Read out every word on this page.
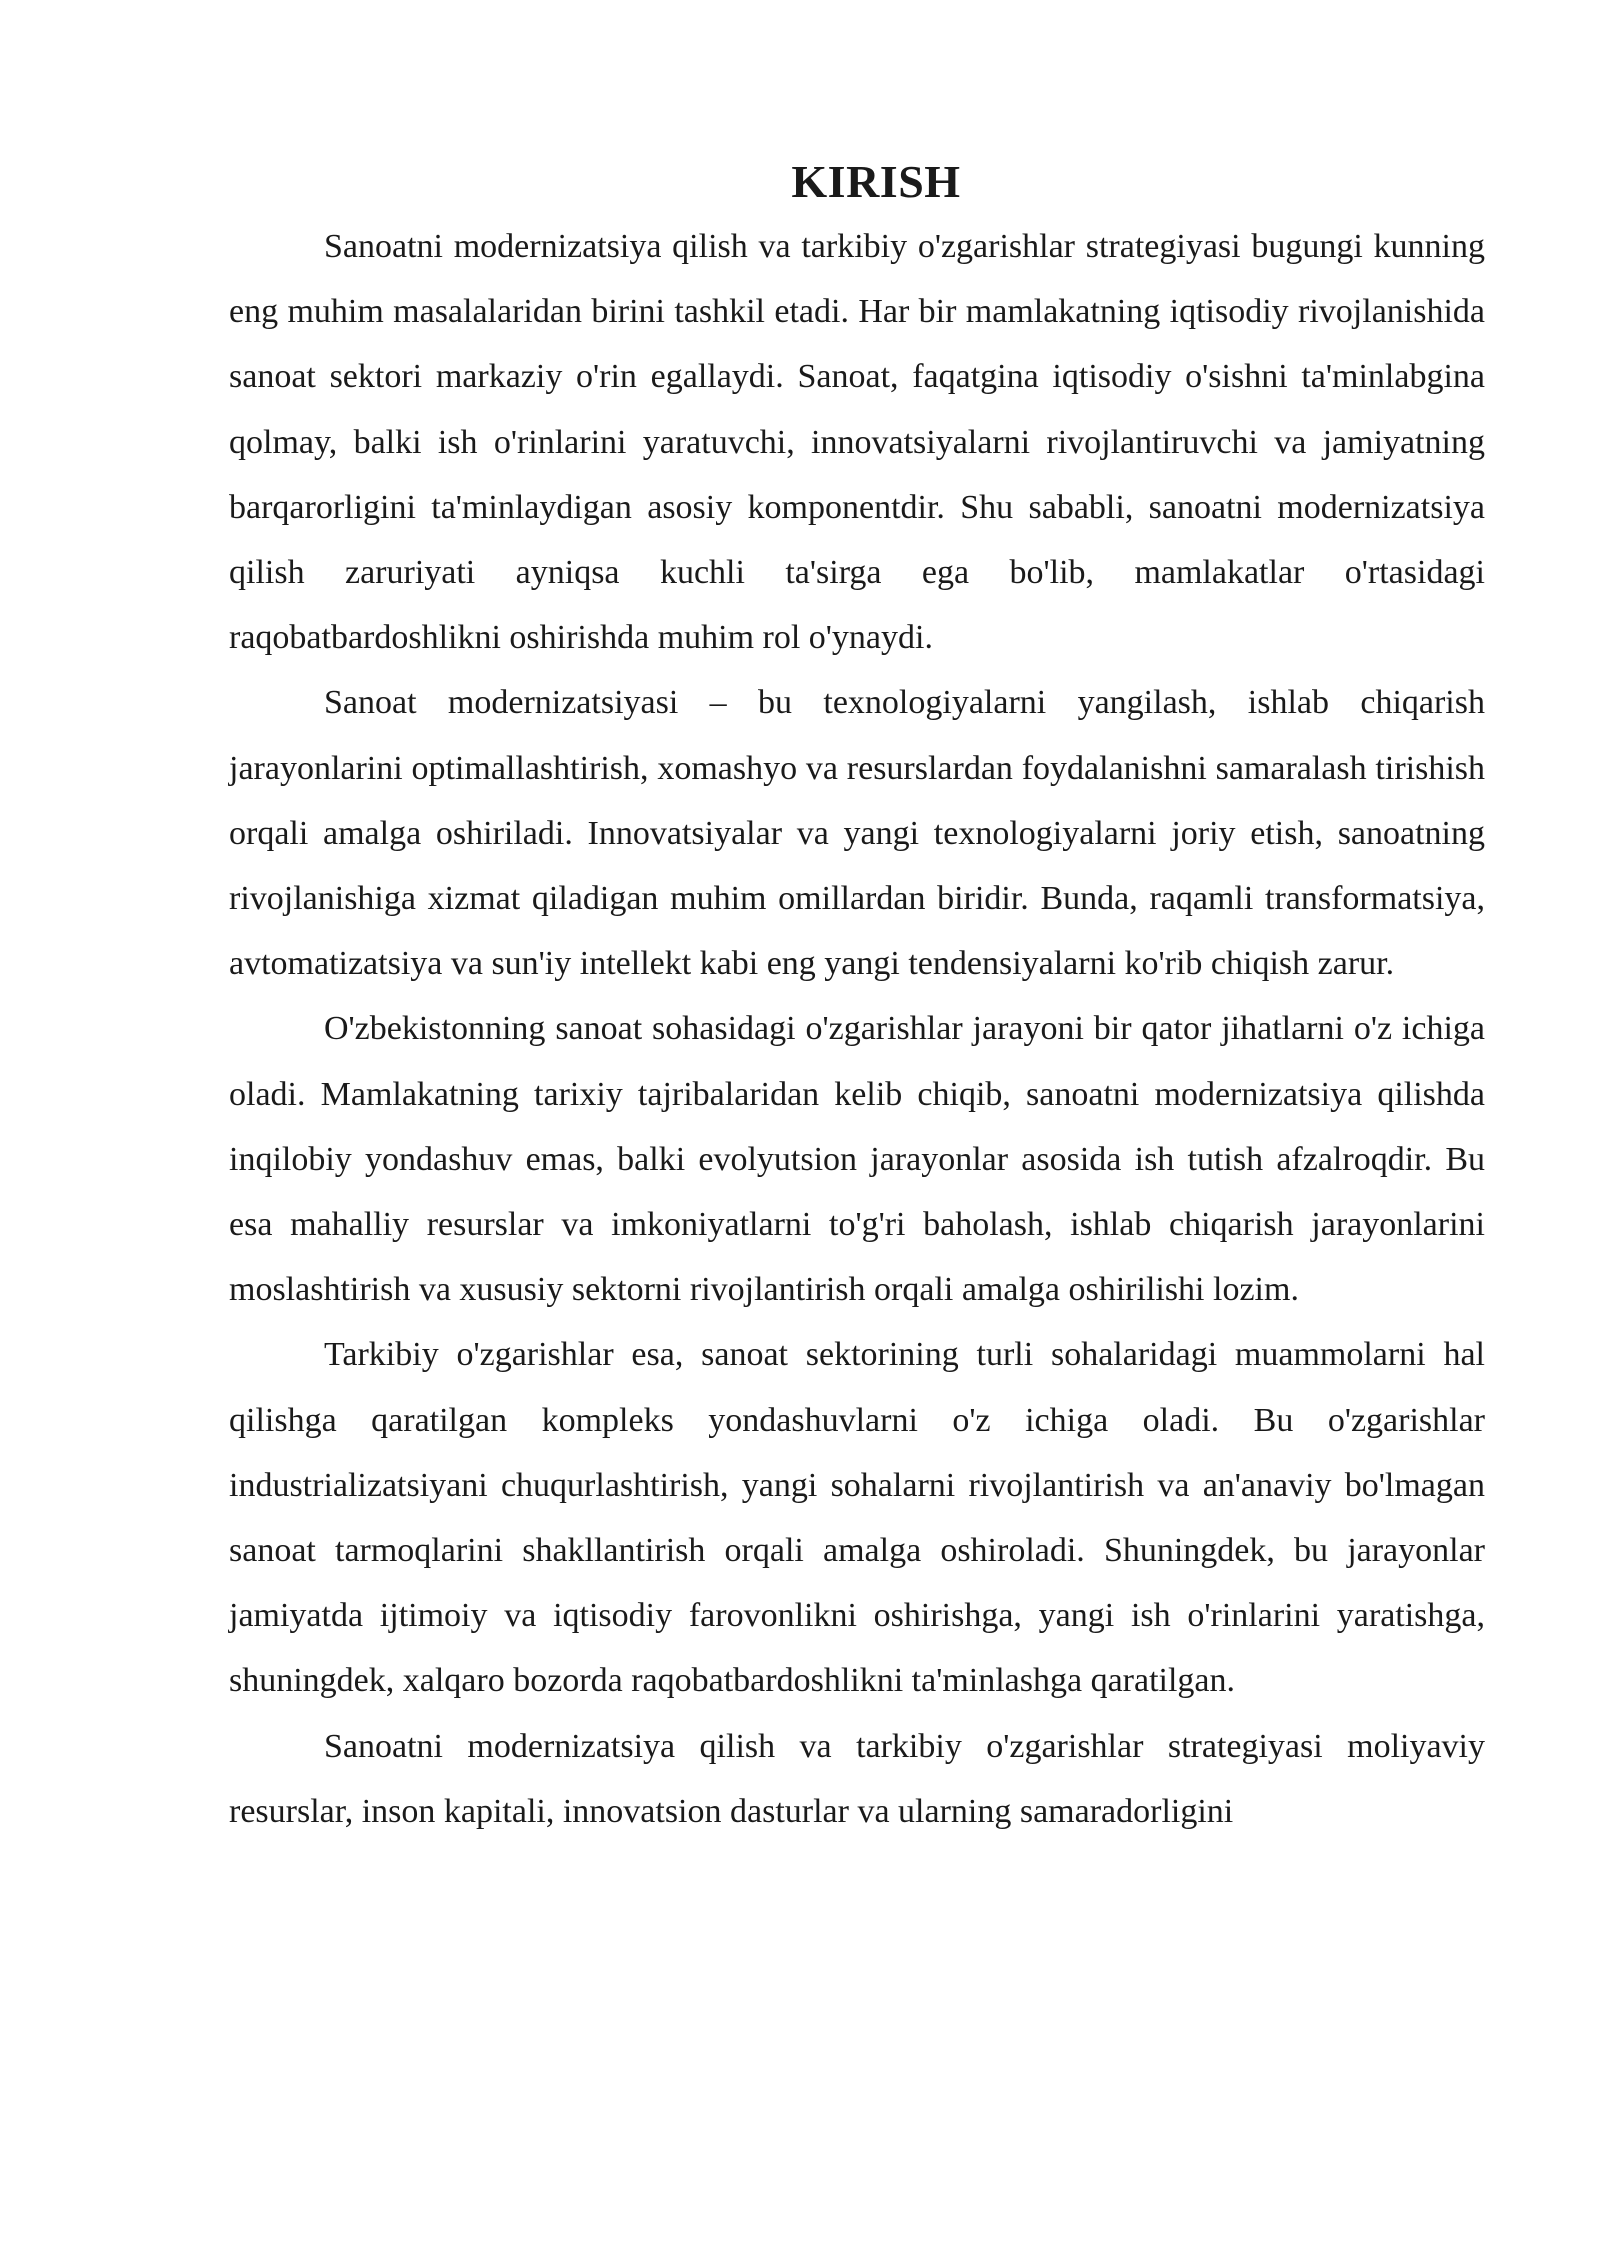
KIRISH

Sanoatni modernizatsiya qilish va tarkibiy o'zgarishlar strategiyasi bugungi kunning eng muhim masalalaridan birini tashkil etadi. Har bir mamlakatning iqtisodiy rivojlanishida sanoat sektori markaziy o'rin egallaydi. Sanoat, faqatgina iqtisodiy o'sishni ta'minlabgina qolmay, balki ish o'rinlarini yaratuvchi, innovatsiyalarni rivojlantiruvchi va jamiyatning barqarorligini ta'minlaydigan asosiy komponentdir. Shu sababli, sanoatni modernizatsiya qilish zaruriyati ayniqsa kuchli ta'sirga ega bo'lib, mamlakatlar o'rtasidagi raqobatbardoshlikni oshirishda muhim rol o'ynaydi.

Sanoat modernizatsiyasi – bu texnologiyalarni yangilash, ishlab chiqarish jarayonlarini optimallashtirish, xomashyo va resurslardan foydalanishni samaralash tirishish orqali amalga oshiriladi. Innovatsiyalar va yangi texnologiyalarni joriy etish, sanoatning rivojlanishiga xizmat qiladigan muhim omillardan biridir. Bunda, raqamli transformatsiya, avtomatizatsiya va sun'iy intellekt kabi eng yangi tendensiyalarni ko'rib chiqish zarur.

O'zbekistonning sanoat sohasidagi o'zgarishlar jarayoni bir qator jihatlarni o'z ichiga oladi. Mamlakatning tarixiy tajribalaridan kelib chiqib, sanoatni modernizatsiya qilishda inqilobiy yondashuv emas, balki evolyutsion jarayonlar asosida ish tutish afzalroqdir. Bu esa mahalliy resurslar va imkoniyatlarni to'g'ri baholash, ishlab chiqarish jarayonlarini moslashtirish va xususiy sektorni rivojlantirish orqali amalga oshirilishi lozim.

Tarkibiy o'zgarishlar esa, sanoat sektorining turli sohalaridagi muammolarni hal qilishga qaratilgan kompleks yondashuvlarni o'z ichiga oladi. Bu o'zgarishlar industrializatsiyani chuqurlashtirish, yangi sohalarni rivojlantirish va an'anaviy bo'lmagan sanoat tarmoqlarini shakllantirish orqali amalga oshiroladi. Shuningdek, bu jarayonlar jamiyatda ijtimoiy va iqtisodiy farovonlikni oshirishga, yangi ish o'rinlarini yaratishga, shuningdek, xalqaro bozorda raqobatbardoshlikni ta'minlashga qaratilgan.

Sanoatni modernizatsiya qilish va tarkibiy o'zgarishlar strategiyasi moliyaviy resurslar, inson kapitali, innovatsion dasturlar va ularning samaradorligini
